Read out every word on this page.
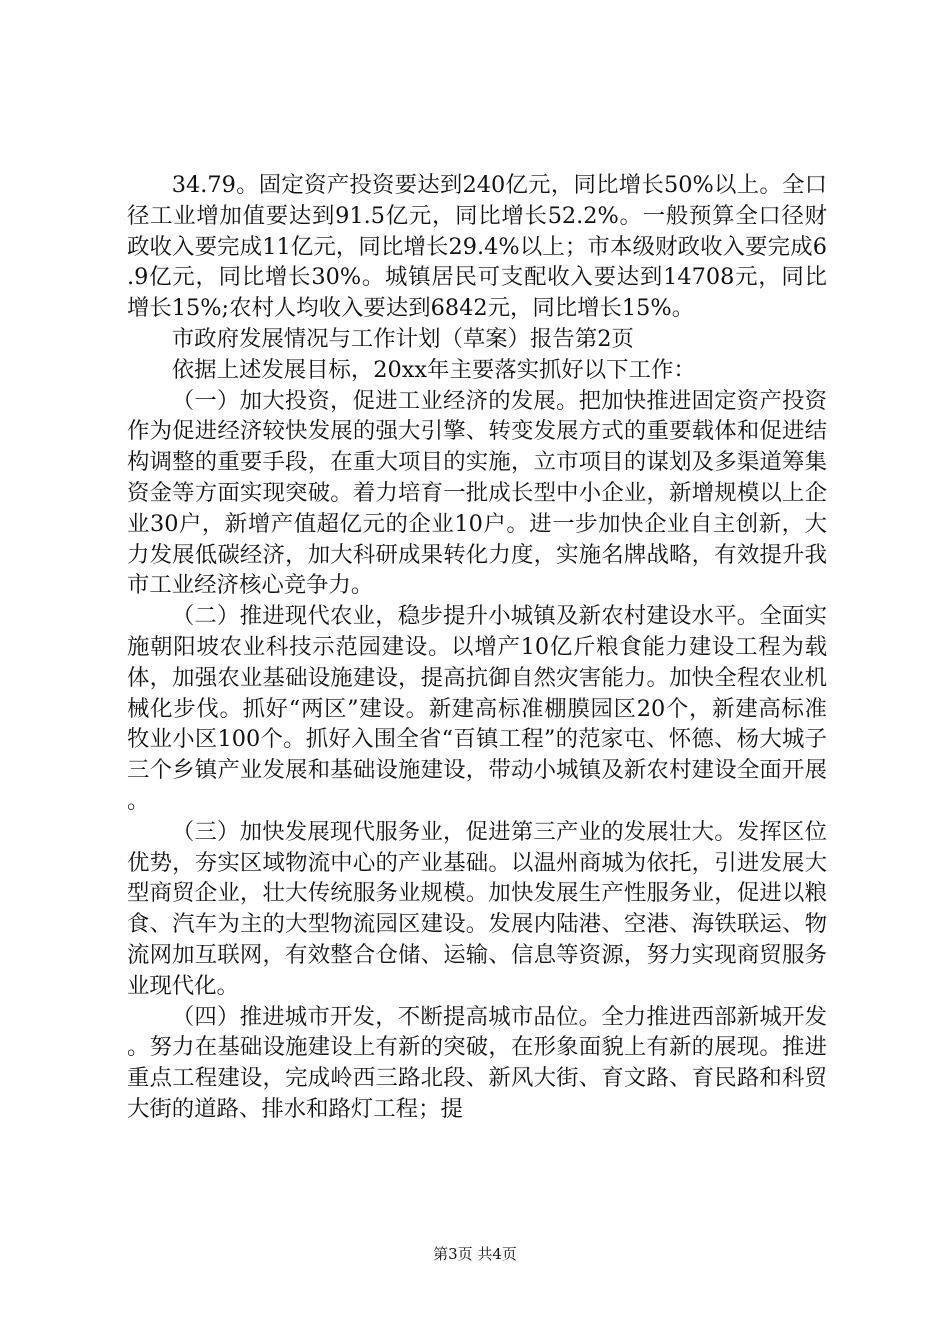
34.79。固定资产投资要达到240亿元，同比增长50%以上。全口径工业增加值要达到91.5亿元，同比增长52.2%。一般预算全口径财政收入要完成11亿元，同比增长29.4%以上；市本级财政收入要完成6.9亿元，同比增长30%。城镇居民可支配收入要达到14708元，同比增长15%;农村人均收入要达到6842元，同比增长15%。

市政府发展情况与工作计划（草案）报告第2页

依据上述发展目标，20xx年主要落实抓好以下工作：

（一）加大投资，促进工业经济的发展。把加快推进固定资产投资作为促进经济较快发展的强大引擎、转变发展方式的重要载体和促进结构调整的重要手段，在重大项目的实施，立市项目的谋划及多渠道筹集资金等方面实现突破。着力培育一批成长型中小企业，新增规模以上企业30户，新增产值超亿元的企业10户。进一步加快企业自主创新，大力发展低碳经济，加大科研成果转化力度，实施名牌战略，有效提升我市工业经济核心竞争力。

（二）推进现代农业，稳步提升小城镇及新农村建设水平。全面实施朝阳坡农业科技示范园建设。以增产10亿斤粮食能力建设工程为载体，加强农业基础设施建设，提高抗御自然灾害能力。加快全程农业机械化步伐。抓好“两区”建设。新建高标准棚膜园区20个，新建高标准牧业小区100个。抓好入围全省“百镇工程”的范家屯、怀德、杨大城子三个乡镇产业发展和基础设施建设，带动小城镇及新农村建设全面开展。

（三）加快发展现代服务业，促进第三产业的发展壮大。发挥区位优势，夯实区域物流中心的产业基础。以温州商城为依托，引进发展大型商贸企业，壮大传统服务业规模。加快发展生产性服务业，促进以粮食、汽车为主的大型物流园区建设。发展内陆港、空港、海铁联运、物流网加互联网，有效整合仓储、运输、信息等资源，努力实现商贸服务业现代化。

（四）推进城市开发，不断提高城市品位。全力推进西部新城开发。努力在基础设施建设上有新的突破，在形象面貌上有新的展现。推进重点工程建设，完成岭西三路北段、新风大街、育文路、育民路和科贸大街的道路、排水和路灯工程；提

第3页 共4页
